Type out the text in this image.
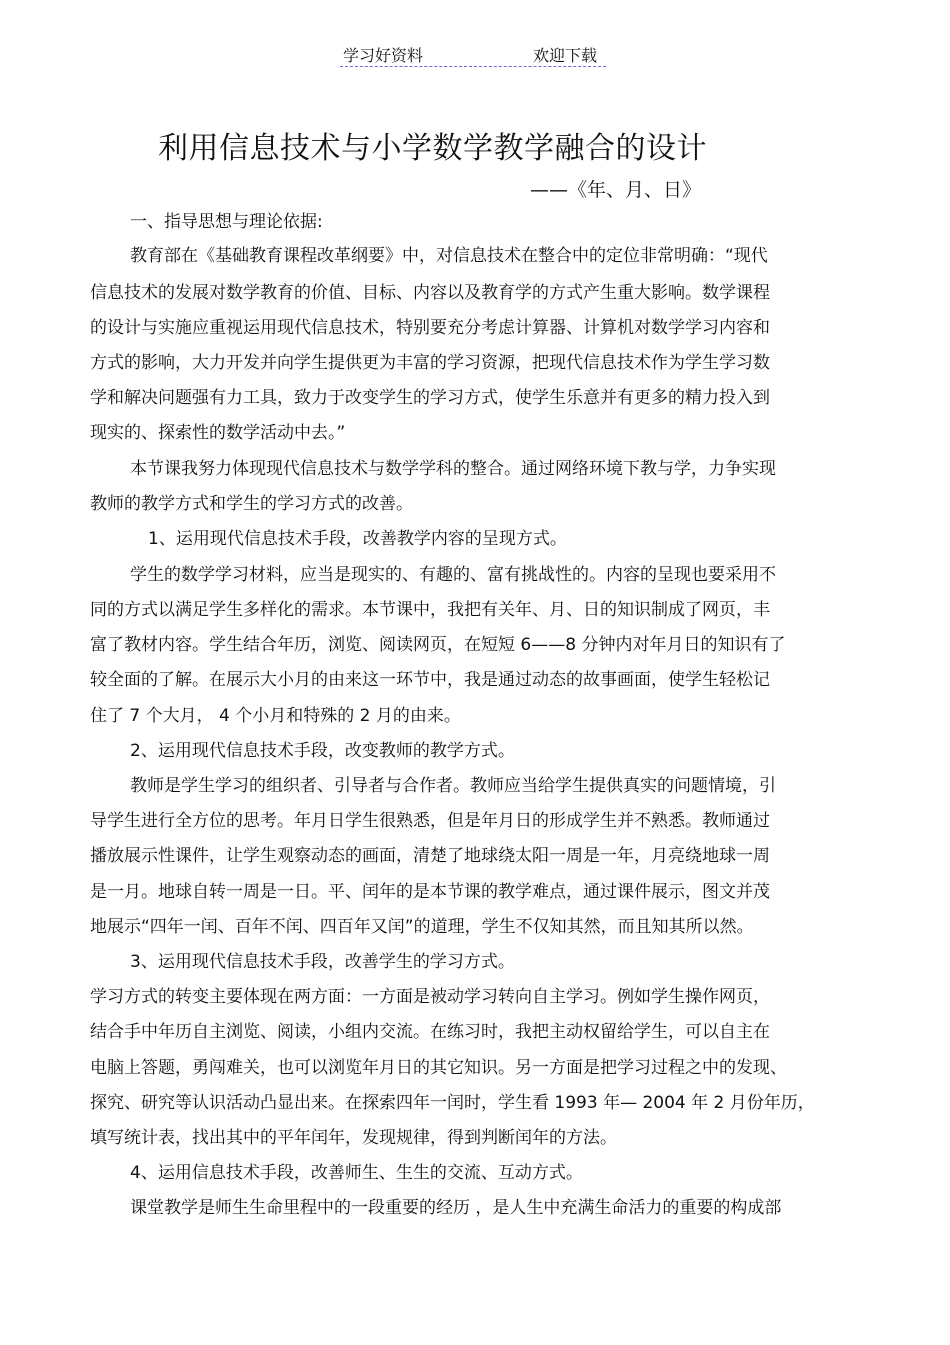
学习好资料	欢迎下载
利用信息技术与小学数学教学融合的设计
——《年、月、日》
一、指导思想与理论依据:
教育部在《基础教育课程改革纲要》中，对信息技术在整合中的定位非常明确：“现代
信息技术的发展对数学教育的价值、目标、内容以及教育学的方式产生重大影响。数学课程
的设计与实施应重视运用现代信息技术，特别要充分考虑计算器、计算机对数学学习内容和
方式的影响，大力开发并向学生提供更为丰富的学习资源，把现代信息技术作为学生学习数
学和解决问题强有力工具，致力于改变学生的学习方式，使学生乐意并有更多的精力投入到
现实的、探索性的数学活动中去。”
本节课我努力体现现代信息技术与数学学科的整合。通过网络环境下教与学，力争实现
教师的教学方式和学生的学习方式的改善。
1、运用现代信息技术手段，改善教学内容的呈现方式。
学生的数学学习材料，应当是现实的、有趣的、富有挑战性的。内容的呈现也要采用不
同的方式以满足学生多样化的需求。本节课中，我把有关年、月、日的知识制成了网页，丰
富了教材内容。学生结合年历，浏览、阅读网页，在短短 6——8 分钟内对年月日的知识有了
较全面的了解。在展示大小月的由来这一环节中，我是通过动态的故事画面，使学生轻松记
住了 7 个大月， 4 个小月和特殊的 2 月的由来。
2、运用现代信息技术手段，改变教师的教学方式。
教师是学生学习的组织者、引导者与合作者。教师应当给学生提供真实的问题情境，引
导学生进行全方位的思考。年月日学生很熟悉，但是年月日的形成学生并不熟悉。教师通过
播放展示性课件，让学生观察动态的画面，清楚了地球绕太阳一周是一年，月亮绕地球一周
是一月。地球自转一周是一日。平、闰年的是本节课的教学难点，通过课件展示，图文并茂
地展示“四年一闰、百年不闰、四百年又闰”的道理，学生不仅知其然，而且知其所以然。
3、运用现代信息技术手段，改善学生的学习方式。
学习方式的转变主要体现在两方面：一方面是被动学习转向自主学习。例如学生操作网页，
结合手中年历自主浏览、阅读，小组内交流。在练习时，我把主动权留给学生，可以自主在
电脑上答题，勇闯难关，也可以浏览年月日的其它知识。另一方面是把学习过程之中的发现、
探究、研究等认识活动凸显出来。在探索四年一闰时，学生看 1993 年— 2004 年 2 月份年历，
填写统计表，找出其中的平年闰年，发现规律，得到判断闰年的方法。
4、运用信息技术手段，改善师生、生生的交流、互动方式。
课堂教学是师生生命里程中的一段重要的经历 ，是人生中充满生命活力的重要的构成部
